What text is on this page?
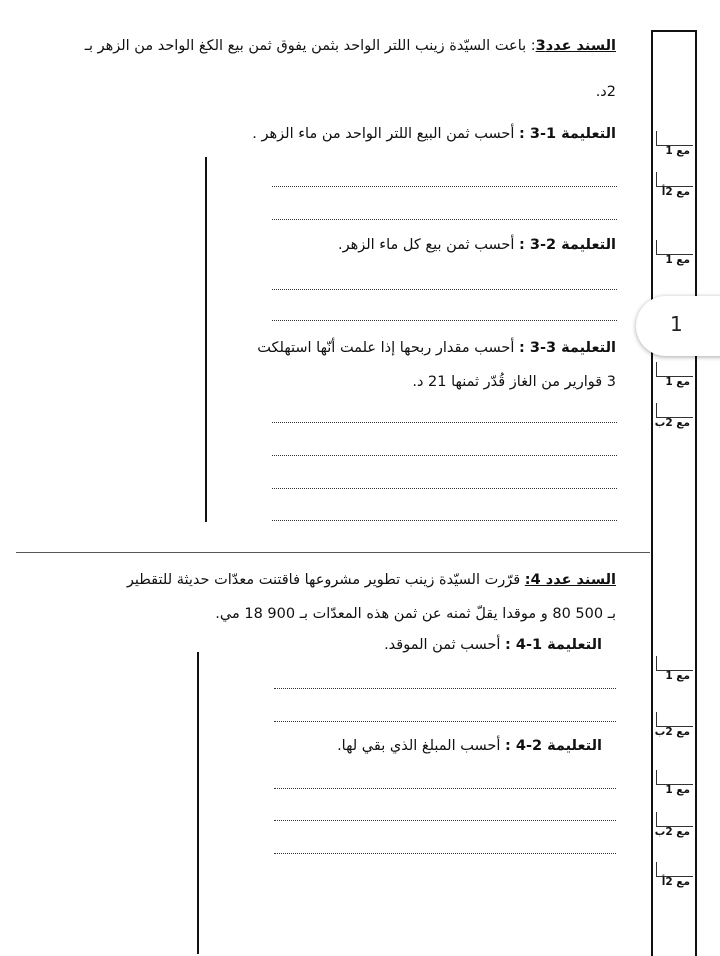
السند عدد3: باعت السيّدة زينب اللتر الواحد بثمن يفوق ثمن بيع الكغ الواحد من الزهر بـ
2د.
التعليمة 1-3 : أحسب ثمن البيع اللتر الواحد من ماء الزهر .
التعليمة 2-3 : أحسب ثمن بيع كل ماء الزهر.
التعليمة 3-3 : أحسب مقدار ربحها إذا علمت أنّها استهلكت
3 قوارير من الغاز قُدّر ثمنها 21 د.
السند عدد 4: قرّرت السيّدة زينب تطوير مشروعها فاقتنت معدّات حديثة للتقطير
بـ 500 80 و موقدا يقلّ ثمنه عن ثمن هذه المعدّات بـ 900 18 مي.
التعليمة 1-4 : أحسب ثمن الموقد.
التعليمة 2-4 : أحسب المبلغ الذي بقي لها.
مع 1
مع 2أ
مع 1
مع 1
مع 2ب
مع 1
مع 2ب
مع 1
مع 2ب
مع 2أ
1
